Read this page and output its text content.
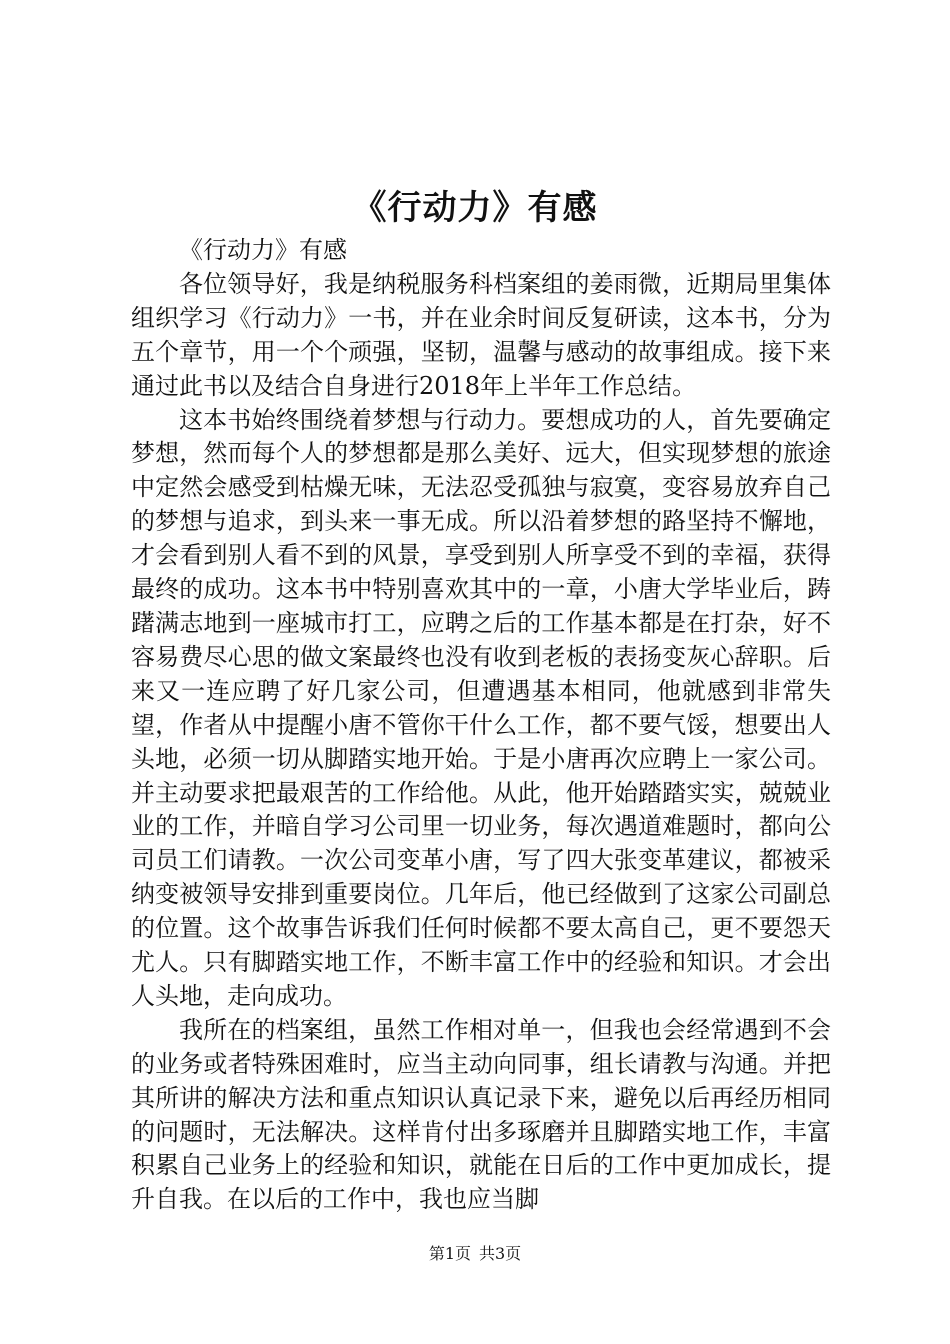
《行动力》有感

《行动力》有感

各位领导好，我是纳税服务科档案组的姜雨微，近期局里集体组织学习《行动力》一书，并在业余时间反复研读，这本书，分为五个章节，用一个个顽强，坚韧，温馨与感动的故事组成。接下来通过此书以及结合自身进行2018年上半年工作总结。

这本书始终围绕着梦想与行动力。要想成功的人，首先要确定梦想，然而每个人的梦想都是那么美好、远大，但实现梦想的旅途中定然会感受到枯燥无味，无法忍受孤独与寂寞，变容易放弃自己的梦想与追求，到头来一事无成。所以沿着梦想的路坚持不懈地，才会看到别人看不到的风景，享受到别人所享受不到的幸福，获得最终的成功。这本书中特别喜欢其中的一章，小唐大学毕业后，踌躇满志地到一座城市打工，应聘之后的工作基本都是在打杂，好不容易费尽心思的做文案最终也没有收到老板的表扬变灰心辞职。后来又一连应聘了好几家公司，但遭遇基本相同，他就感到非常失望，作者从中提醒小唐不管你干什么工作，都不要气馁，想要出人头地，必须一切从脚踏实地开始。于是小唐再次应聘上一家公司。并主动要求把最艰苦的工作给他。从此，他开始踏踏实实，兢兢业业的工作，并暗自学习公司里一切业务，每次遇道难题时，都向公司员工们请教。一次公司变革小唐，写了四大张变革建议，都被采纳变被领导安排到重要岗位。几年后，他已经做到了这家公司副总的位置。这个故事告诉我们任何时候都不要太高自己，更不要怨天尤人。只有脚踏实地工作，不断丰富工作中的经验和知识。才会出人头地，走向成功。

我所在的档案组，虽然工作相对单一，但我也会经常遇到不会的业务或者特殊困难时，应当主动向同事，组长请教与沟通。并把其所讲的解决方法和重点知识认真记录下来，避免以后再经历相同的问题时，无法解决。这样肯付出多琢磨并且脚踏实地工作，丰富积累自己业务上的经验和知识，就能在日后的工作中更加成长，提升自我。在以后的工作中，我也应当脚

第1页 共3页
